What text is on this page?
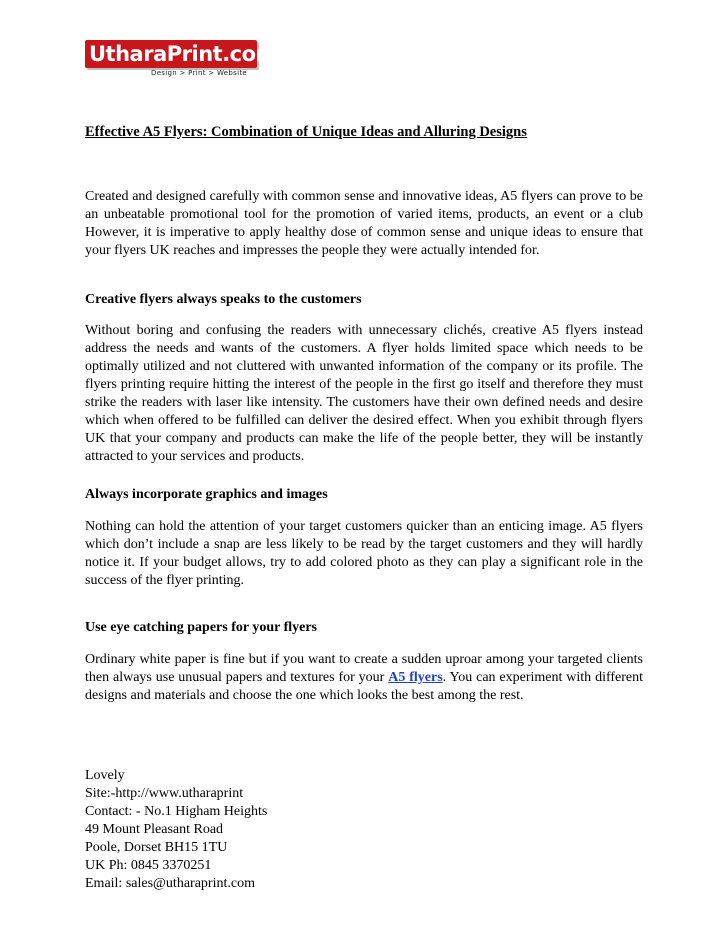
UtharaPrint.com
Design > Print > Website
Effective A5 Flyers: Combination of Unique Ideas and Alluring Designs

Created and designed carefully with common sense and innovative ideas, A5 flyers can prove to be an unbeatable promotional tool for the promotion of varied items, products, an event or a club However, it is imperative to apply healthy dose of common sense and unique ideas to ensure that your flyers UK reaches and impresses the people they were actually intended for.

Creative flyers always speaks to the customers

Without boring and confusing the readers with unnecessary clichés, creative A5 flyers instead address the needs and wants of the customers. A flyer holds limited space which needs to be optimally utilized and not cluttered with unwanted information of the company or its profile. The flyers printing require hitting the interest of the people in the first go itself and therefore they must strike the readers with laser like intensity. The customers have their own defined needs and desire which when offered to be fulfilled can deliver the desired effect. When you exhibit through flyers UK that your company and products can make the life of the people better, they will be instantly attracted to your services and products.

Always incorporate graphics and images

Nothing can hold the attention of your target customers quicker than an enticing image. A5 flyers which don’t include a snap are less likely to be read by the target customers and they will hardly notice it. If your budget allows, try to add colored photo as they can play a significant role in the success of the flyer printing.

Use eye catching papers for your flyers

Ordinary white paper is fine but if you want to create a sudden uproar among your targeted clients then always use unusual papers and textures for your A5 flyers. You can experiment with different designs and materials and choose the one which looks the best among the rest.

Lovely
Site:-http://www.utharaprint
Contact: - No.1 Higham Heights
49 Mount Pleasant Road
Poole, Dorset BH15 1TU
UK Ph: 0845 3370251
Email: sales@utharaprint.com
